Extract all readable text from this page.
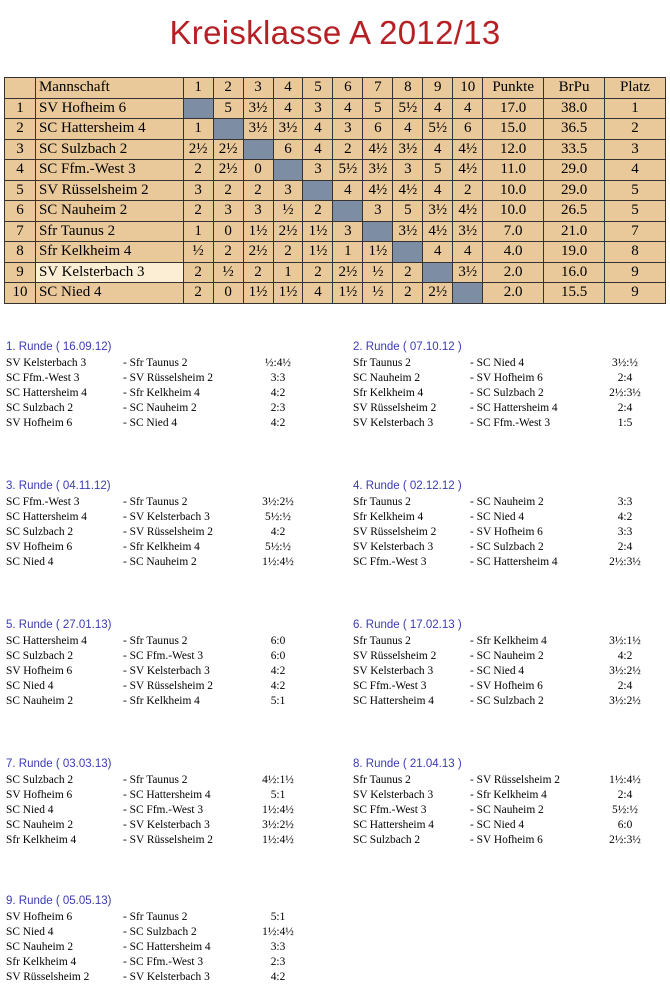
Kreisklasse A 2012/13
	Mannschaft	1	2	3	4	5	6	7	8	9	10	Punkte	BrPu	Platz
1	SV Hofheim 6		5	3½	4	3	4	5	5½	4	4	17.0	38.0	1
2	SC Hattersheim 4	1		3½	3½	4	3	6	4	5½	6	15.0	36.5	2
3	SC Sulzbach 2	2½	2½		6	4	2	4½	3½	4	4½	12.0	33.5	3
4	SC Ffm.-West 3	2	2½	0		3	5½	3½	3	5	4½	11.0	29.0	4
5	SV Rüsselsheim 2	3	2	2	3		4	4½	4½	4	2	10.0	29.0	5
6	SC Nauheim 2	2	3	3	½	2		3	5	3½	4½	10.0	26.5	5
7	Sfr Taunus 2	1	0	1½	2½	1½	3		3½	4½	3½	7.0	21.0	7
8	Sfr Kelkheim 4	½	2	2½	2	1½	1	1½		4	4	4.0	19.0	8
9	SV Kelsterbach 3	2	½	2	1	2	2½	½	2		3½	2.0	16.0	9
10	SC Nied 4	2	0	1½	1½	4	1½	½	2	2½		2.0	15.5	9
1. Runde ( 16.09.12)
SV Kelsterbach 3	- Sfr Taunus 2	½:4½
SC Ffm.-West 3	- SV Rüsselsheim 2	3:3
SC Hattersheim 4	- Sfr Kelkheim 4	4:2
SC Sulzbach 2	- SC Nauheim 2	2:3
SV Hofheim 6	- SC Nied 4	4:2
2. Runde ( 07.10.12 )
Sfr Taunus 2	- SC Nied 4	3½:½
SC Nauheim 2	- SV Hofheim 6	2:4
Sfr Kelkheim 4	- SC Sulzbach 2	2½:3½
SV Rüsselsheim 2	- SC Hattersheim 4	2:4
SV Kelsterbach 3	- SC Ffm.-West 3	1:5
3. Runde ( 04.11.12)
SC Ffm.-West 3	- Sfr Taunus 2	3½:2½
SC Hattersheim 4	- SV Kelsterbach 3	5½:½
SC Sulzbach 2	- SV Rüsselsheim 2	4:2
SV Hofheim 6	- Sfr Kelkheim 4	5½:½
SC Nied 4	- SC Nauheim 2	1½:4½
4. Runde ( 02.12.12 )
Sfr Taunus 2	- SC Nauheim 2	3:3
Sfr Kelkheim 4	- SC Nied 4	4:2
SV Rüsselsheim 2	- SV Hofheim 6	3:3
SV Kelsterbach 3	- SC Sulzbach 2	2:4
SC Ffm.-West 3	- SC Hattersheim 4	2½:3½
5. Runde ( 27.01.13)
SC Hattersheim 4	- Sfr Taunus 2	6:0
SC Sulzbach 2	- SC Ffm.-West 3	6:0
SV Hofheim 6	- SV Kelsterbach 3	4:2
SC Nied 4	- SV Rüsselsheim 2	4:2
SC Nauheim 2	- Sfr Kelkheim 4	5:1
6. Runde ( 17.02.13 )
Sfr Taunus 2	- Sfr Kelkheim 4	3½:1½
SV Rüsselsheim 2	- SC Nauheim 2	4:2
SV Kelsterbach 3	- SC Nied 4	3½:2½
SC Ffm.-West 3	- SV Hofheim 6	2:4
SC Hattersheim 4	- SC Sulzbach 2	3½:2½
7. Runde ( 03.03.13)
SC Sulzbach 2	- Sfr Taunus 2	4½:1½
SV Hofheim 6	- SC Hattersheim 4	5:1
SC Nied 4	- SC Ffm.-West 3	1½:4½
SC Nauheim 2	- SV Kelsterbach 3	3½:2½
Sfr Kelkheim 4	- SV Rüsselsheim 2	1½:4½
8. Runde ( 21.04.13 )
Sfr Taunus 2	- SV Rüsselsheim 2	1½:4½
SV Kelsterbach 3	- Sfr Kelkheim 4	2:4
SC Ffm.-West 3	- SC Nauheim 2	5½:½
SC Hattersheim 4	- SC Nied 4	6:0
SC Sulzbach 2	- SV Hofheim 6	2½:3½
9. Runde ( 05.05.13)
SV Hofheim 6	- Sfr Taunus 2	5:1
SC Nied 4	- SC Sulzbach 2	1½:4½
SC Nauheim 2	- SC Hattersheim 4	3:3
Sfr Kelkheim 4	- SC Ffm.-West 3	2:3
SV Rüsselsheim 2	- SV Kelsterbach 3	4:2
